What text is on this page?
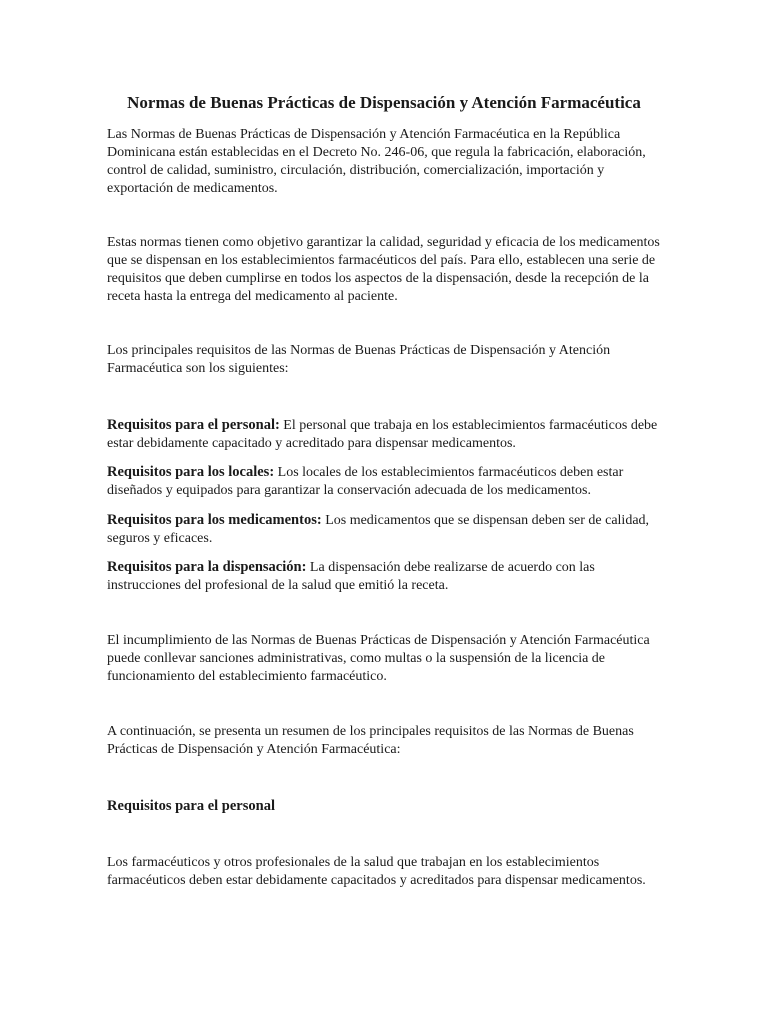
Normas de Buenas Prácticas de Dispensación y Atención Farmacéutica

Las Normas de Buenas Prácticas de Dispensación y Atención Farmacéutica en la República Dominicana están establecidas en el Decreto No. 246-06, que regula la fabricación, elaboración, control de calidad, suministro, circulación, distribución, comercialización, importación y exportación de medicamentos.

Estas normas tienen como objetivo garantizar la calidad, seguridad y eficacia de los medicamentos que se dispensan en los establecimientos farmacéuticos del país. Para ello, establecen una serie de requisitos que deben cumplirse en todos los aspectos de la dispensación, desde la recepción de la receta hasta la entrega del medicamento al paciente.

Los principales requisitos de las Normas de Buenas Prácticas de Dispensación y Atención Farmacéutica son los siguientes:

Requisitos para el personal: El personal que trabaja en los establecimientos farmacéuticos debe estar debidamente capacitado y acreditado para dispensar medicamentos.

Requisitos para los locales: Los locales de los establecimientos farmacéuticos deben estar diseñados y equipados para garantizar la conservación adecuada de los medicamentos.

Requisitos para los medicamentos: Los medicamentos que se dispensan deben ser de calidad, seguros y eficaces.

Requisitos para la dispensación: La dispensación debe realizarse de acuerdo con las instrucciones del profesional de la salud que emitió la receta.

El incumplimiento de las Normas de Buenas Prácticas de Dispensación y Atención Farmacéutica puede conllevar sanciones administrativas, como multas o la suspensión de la licencia de funcionamiento del establecimiento farmacéutico.

A continuación, se presenta un resumen de los principales requisitos de las Normas de Buenas Prácticas de Dispensación y Atención Farmacéutica:

Requisitos para el personal

Los farmacéuticos y otros profesionales de la salud que trabajan en los establecimientos farmacéuticos deben estar debidamente capacitados y acreditados para dispensar medicamentos.
